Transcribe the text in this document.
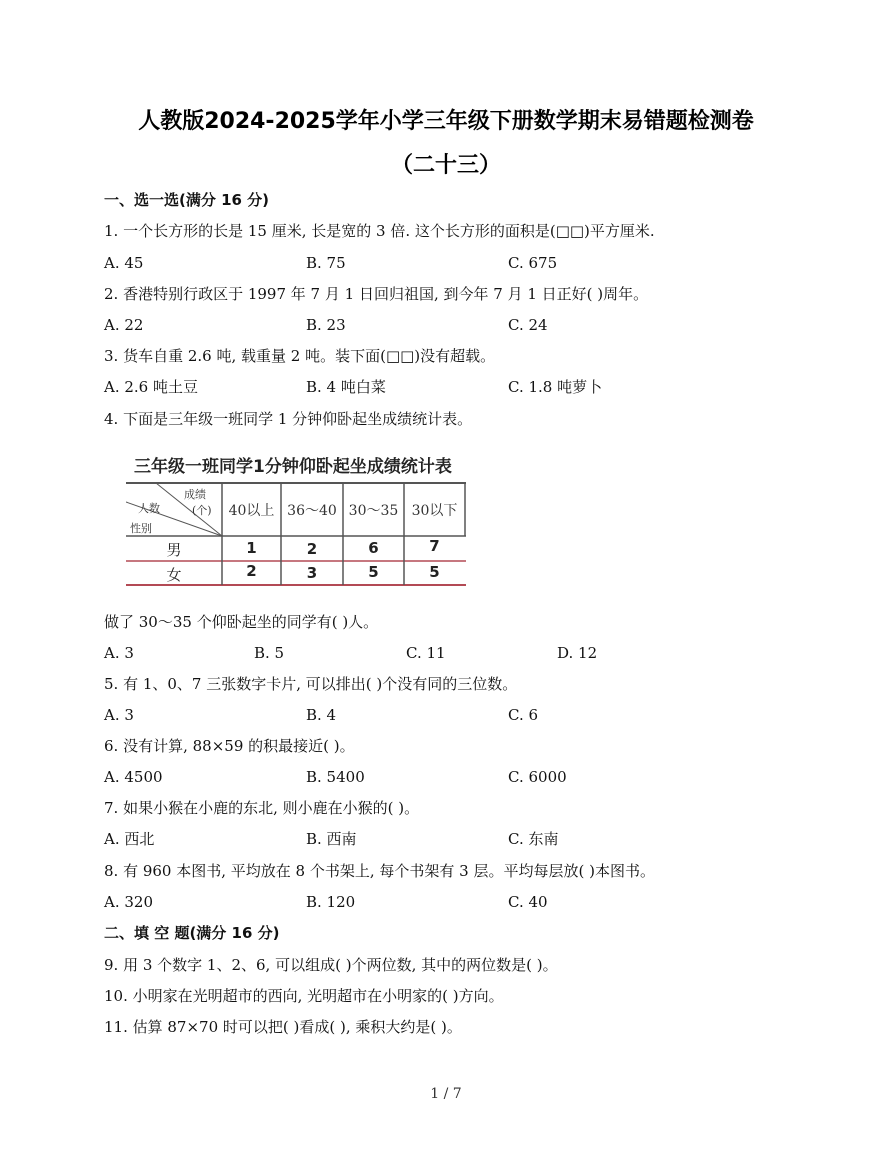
人教版2024-2025学年小学三年级下册数学期末易错题检测卷
（二十三）
一、选一选(满分 16 分)
1. 一个长方形的长是 15 厘米, 长是宽的 3 倍. 这个长方形的面积是(□□)平方厘米.
A. 45	B. 75	C. 675
2. 香港特别行政区于 1997 年 7 月 1 日回归祖国, 到今年 7 月 1 日正好( )周年。
A. 22	B. 23	C. 24
3. 货车自重 2.6 吨, 载重量 2 吨。装下面(□□)没有超载。
A. 2.6 吨土豆	B. 4 吨白菜	C. 1.8 吨萝卜
4. 下面是三年级一班同学 1 分钟仰卧起坐成绩统计表。
三年级一班同学1分钟仰卧起坐成绩统计表
成绩
(个)
人数
性别
40以上 36～40 30～35 30以下
男	1	2	6	7
女	2	3	5	5
做了 30～35 个仰卧起坐的同学有( )人。
A. 3	B. 5	C. 11	D. 12
5. 有 1、0、7 三张数字卡片, 可以排出( )个没有同的三位数。
A. 3	B. 4	C. 6
6. 没有计算, 88×59 的积最接近( )。
A. 4500	B. 5400	C. 6000
7. 如果小猴在小鹿的东北, 则小鹿在小猴的( )。
A. 西北	B. 西南	C. 东南
8. 有 960 本图书, 平均放在 8 个书架上, 每个书架有 3 层。平均每层放( )本图书。
A. 320	B. 120	C. 40
二、填 空 题(满分 16 分)
9. 用 3 个数字 1、2、6, 可以组成( )个两位数, 其中的两位数是( )。
10. 小明家在光明超市的西向, 光明超市在小明家的( )方向。
11. 估算 87×70 时可以把( )看成( ), 乘积大约是( )。
1 / 7
